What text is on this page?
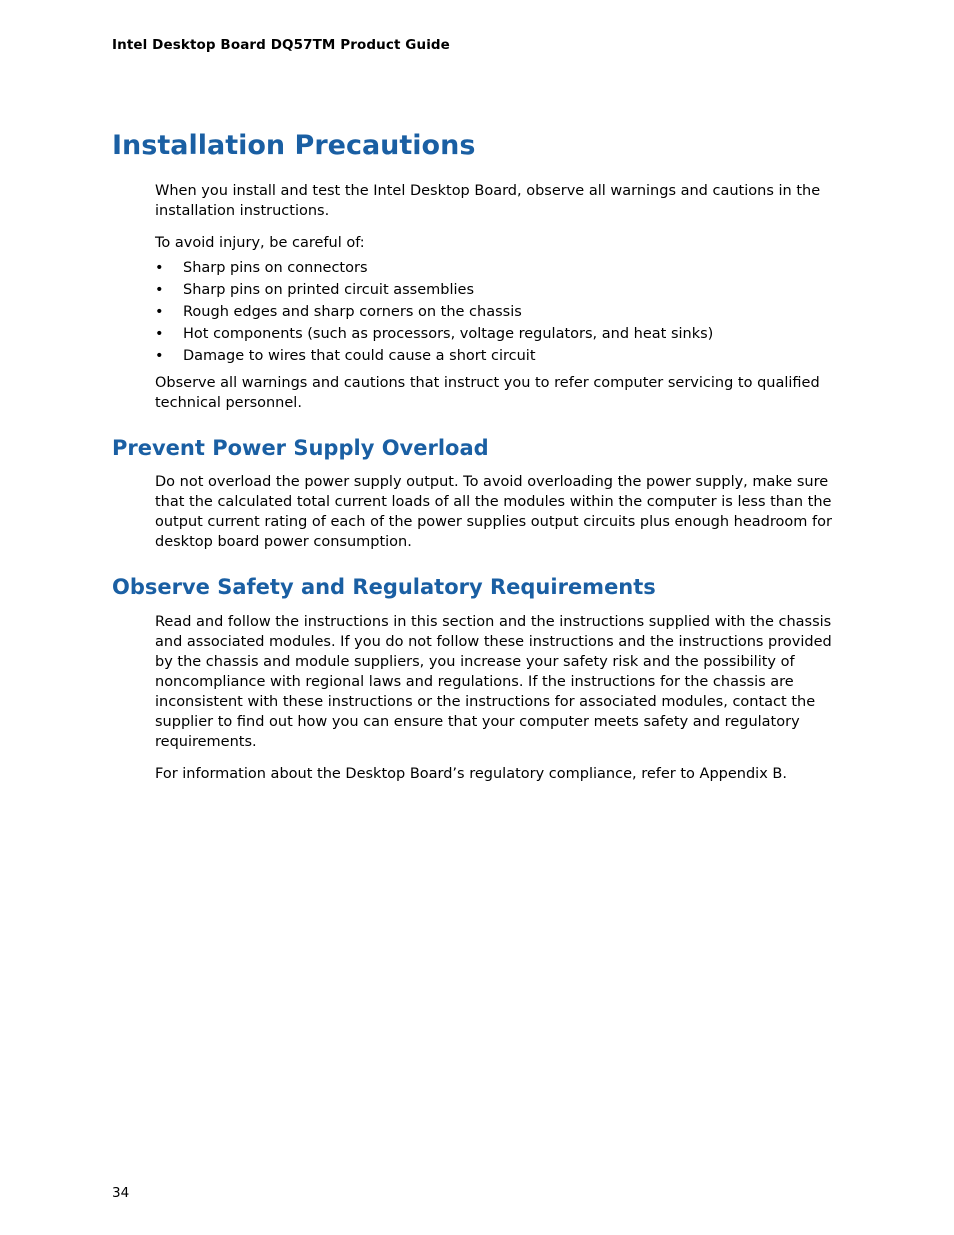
Intel Desktop Board DQ57TM Product Guide
Installation Precautions

When you install and test the Intel Desktop Board, observe all warnings and cautions in the installation instructions.

To avoid injury, be careful of:

• Sharp pins on connectors
• Sharp pins on printed circuit assemblies
• Rough edges and sharp corners on the chassis
• Hot components (such as processors, voltage regulators, and heat sinks)
• Damage to wires that could cause a short circuit

Observe all warnings and cautions that instruct you to refer computer servicing to qualified technical personnel.

Prevent Power Supply Overload

Do not overload the power supply output. To avoid overloading the power supply, make sure that the calculated total current loads of all the modules within the computer is less than the output current rating of each of the power supplies output circuits plus enough headroom for desktop board power consumption.

Observe Safety and Regulatory Requirements

Read and follow the instructions in this section and the instructions supplied with the chassis and associated modules. If you do not follow these instructions and the instructions provided by the chassis and module suppliers, you increase your safety risk and the possibility of noncompliance with regional laws and regulations. If the instructions for the chassis are inconsistent with these instructions or the instructions for associated modules, contact the supplier to find out how you can ensure that your computer meets safety and regulatory requirements.

For information about the Desktop Board’s regulatory compliance, refer to Appendix B.

34
